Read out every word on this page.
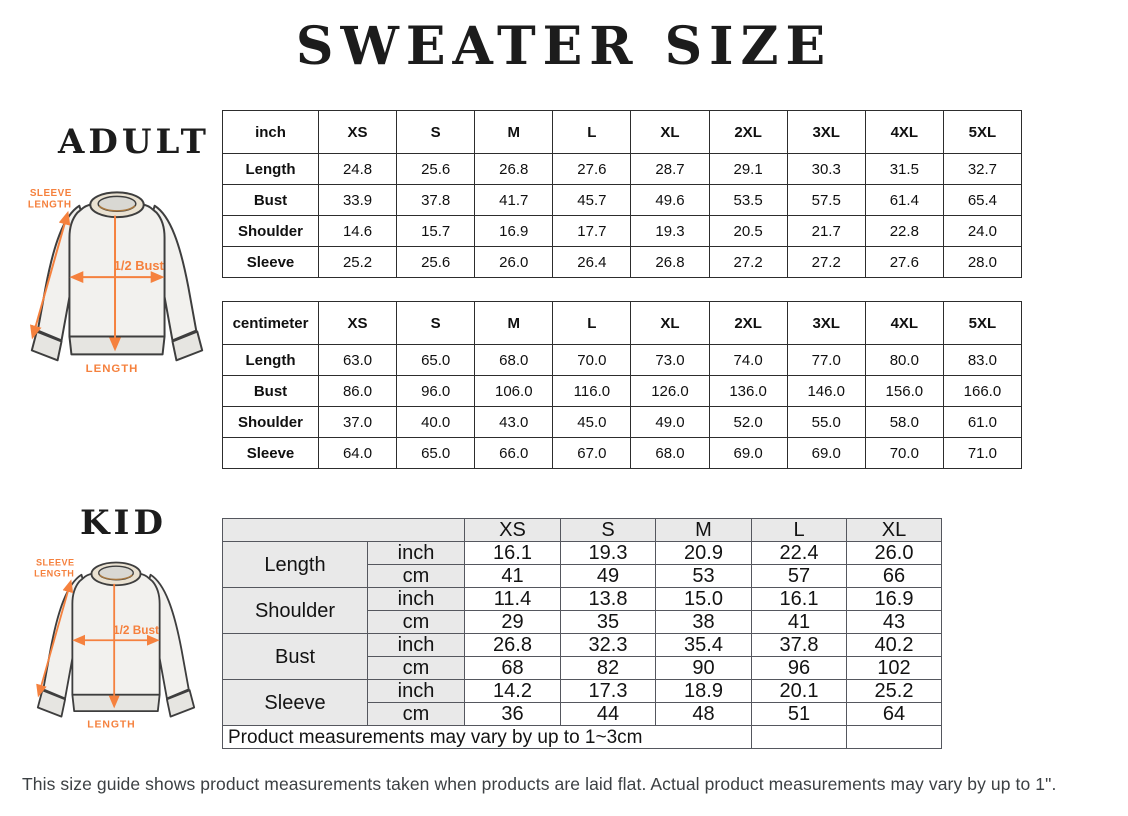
SWEATER SIZE
ADULT
SLEEVE
LENGTH
1/2 Bust
LENGTH
inch	XS	S	M	L	XL	2XL	3XL	4XL	5XL
Length	24.8	25.6	26.8	27.6	28.7	29.1	30.3	31.5	32.7
Bust	33.9	37.8	41.7	45.7	49.6	53.5	57.5	61.4	65.4
Shoulder	14.6	15.7	16.9	17.7	19.3	20.5	21.7	22.8	24.0
Sleeve	25.2	25.6	26.0	26.4	26.8	27.2	27.2	27.6	28.0
centimeter	XS	S	M	L	XL	2XL	3XL	4XL	5XL
Length	63.0	65.0	68.0	70.0	73.0	74.0	77.0	80.0	83.0
Bust	86.0	96.0	106.0	116.0	126.0	136.0	146.0	156.0	166.0
Shoulder	37.0	40.0	43.0	45.0	49.0	52.0	55.0	58.0	61.0
Sleeve	64.0	65.0	66.0	67.0	68.0	69.0	69.0	70.0	71.0
KID
SLEEVE
LENGTH
1/2 Bust
LENGTH
		XS	S	M	L	XL
Length	inch	16.1	19.3	20.9	22.4	26.0
	cm	41	49	53	57	66
Shoulder	inch	11.4	13.8	15.0	16.1	16.9
	cm	29	35	38	41	43
Bust	inch	26.8	32.3	35.4	37.8	40.2
	cm	68	82	90	96	102
Sleeve	inch	14.2	17.3	18.9	20.1	25.2
	cm	36	44	48	51	64
Product measurements may vary by up to 1~3cm						
This size guide shows product measurements taken when products are laid flat. Actual product measurements may vary by up to 1".
